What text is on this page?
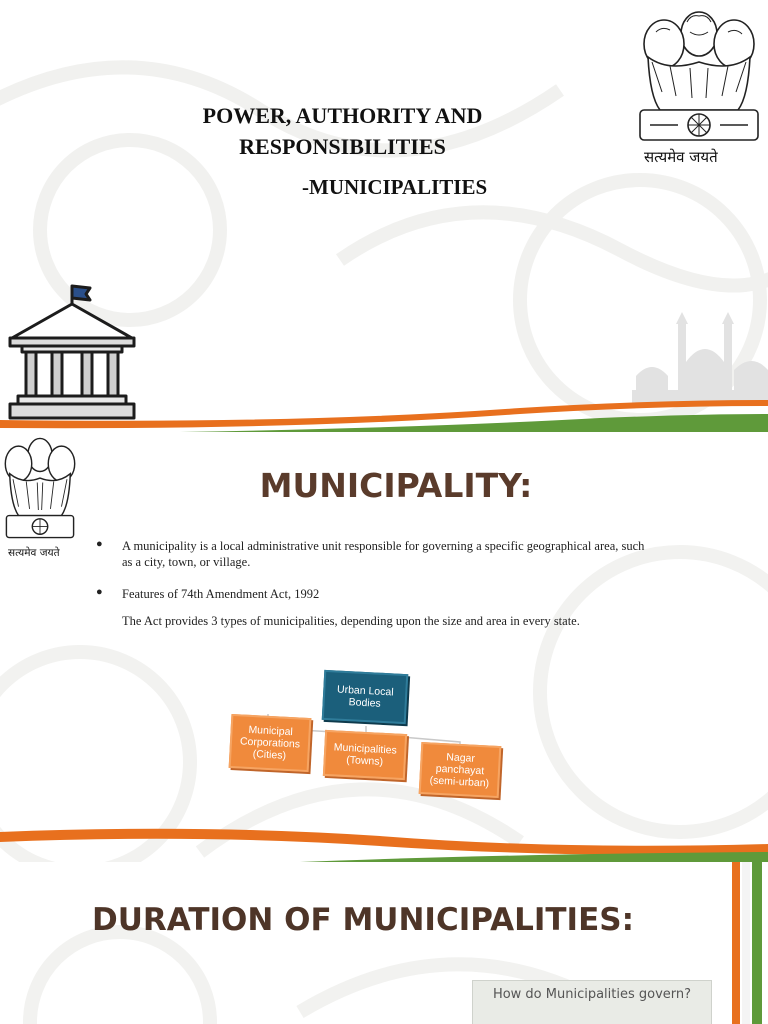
POWER, AUTHORITY AND
RESPONSIBILITIES
-MUNICIPALITIES
सत्यमेव जयते
MUNICIPALITY:
सत्यमेव जयते
● A municipality is a local administrative unit responsible for governing a specific geographical area, such
as a city, town, or village.
● Features of 74th Amendment Act, 1992
The Act provides 3 types of municipalities, depending upon the size and area in every state.
Urban Local
Bodies
Municipal
Corporations
(Cities)	Municipalities
(Towns)	Nagar
panchayat
(semi-urban)
DURATION OF MUNICIPALITIES:
How do Municipalities govern?
